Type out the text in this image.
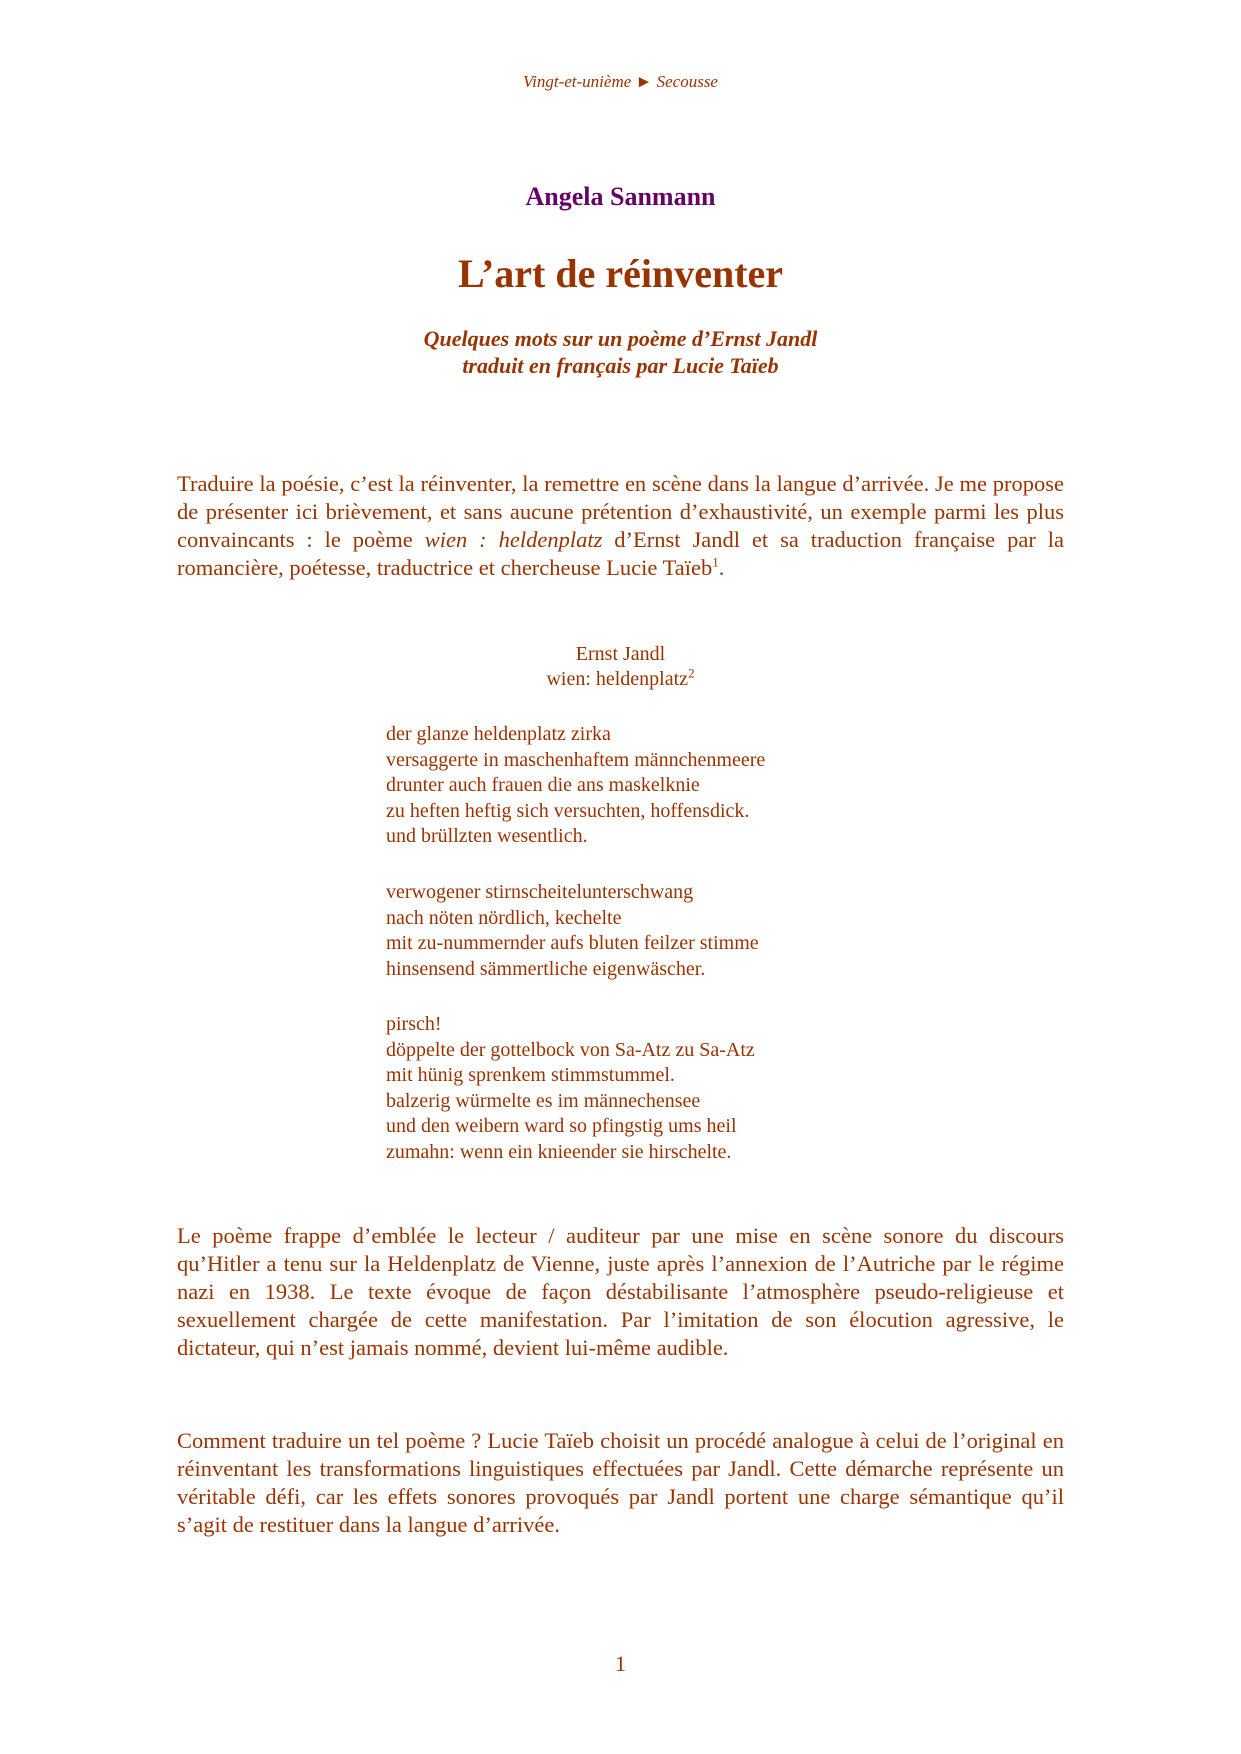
Vingt-et-unième ► Secousse
Angela Sanmann
L’art de réinventer
Quelques mots sur un poème d’Ernst Jandl
traduit en français par Lucie Taïeb
Traduire la poésie, c’est la réinventer, la remettre en scène dans la langue d’arrivée. Je me propose de présenter ici brièvement, et sans aucune prétention d’exhaustivité, un exemple parmi les plus convaincants : le poème wien : heldenplatz d’Ernst Jandl et sa traduction française par la romancière, poétesse, traductrice et chercheuse Lucie Taïeb$^1$.
Ernst Jandl
wien: heldenplatz$^2$
der glanze heldenplatz zirka
versaggerte in maschenhaftem männchenmeere
drunter auch frauen die ans maskelknie
zu heften heftig sich versuchten, hoffensdick.
und brüllzten wesentlich.
verwogener stirnscheitelunterschwang
nach nöten nördlich, kechelte
mit zu-nummernder aufs bluten feilzer stimme
hinsensend sämmertliche eigenwäscher.
pirsch!
döppelte der gottelbock von Sa-Atz zu Sa-Atz
mit hünig sprenkem stimmstummel.
balzerig würmelte es im männechensee
und den weibern ward so pfingstig ums heil
zumahn: wenn ein knieender sie hirschelte.
Le poème frappe d’emblée le lecteur / auditeur par une mise en scène sonore du discours qu’Hitler a tenu sur la Heldenplatz de Vienne, juste après l’annexion de l’Autriche par le régime nazi en 1938. Le texte évoque de façon déstabilisante l’atmosphère pseudo-religieuse et sexuellement chargée de cette manifestation. Par l’imitation de son élocution agressive, le dictateur, qui n’est jamais nommé, devient lui-même audible.
Comment traduire un tel poème ? Lucie Taïeb choisit un procédé analogue à celui de l’original en réinventant les transformations linguistiques effectuées par Jandl. Cette démarche représente un véritable défi, car les effets sonores provoqués par Jandl portent une charge sémantique qu’il s’agit de restituer dans la langue d’arrivée.
1
